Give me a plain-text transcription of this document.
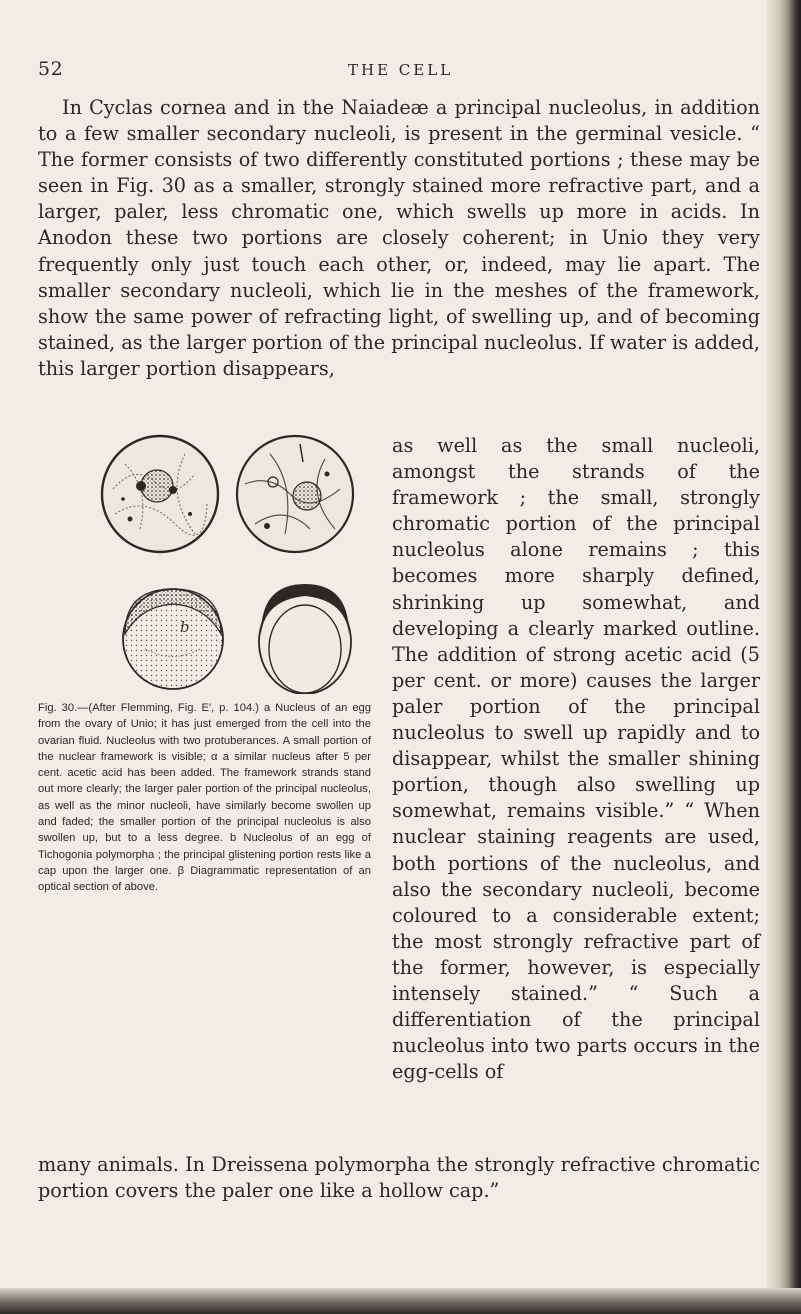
52	THE CELL

In Cyclas cornea and in the Naiadeæ a principal nucleolus, in addition to a few smaller secondary nucleoli, is present in the germinal vesicle. “ The former consists of two differently constituted portions ; these may be seen in Fig. 30 as a smaller, strongly stained more refractive part, and a larger, paler, less chromatic one, which swells up more in acids. In Anodon these two portions are closely coherent; in Unio they very frequently only just touch each other, or, indeed, may lie apart. The smaller secondary nucleoli, which lie in the meshes of the framework, show the same power of refracting light, of swelling up, and of becoming stained, as the larger portion of the principal nucleolus. If water is added, this larger portion disappears,

Fig. 30.—(After Flemming, Fig. E′, p. 104.) a Nucleus of an egg from the ovary of Unio; it has just emerged from the cell into the ovarian fluid. Nucleolus with two protuberances. A small portion of the nuclear framework is visible; α a similar nucleus after 5 per cent. acetic acid has been added. The framework strands stand out more clearly; the larger paler portion of the principal nucleolus, as well as the minor nucleoli, have similarly become swollen up and faded; the smaller portion of the principal nucleolus is also swollen up, but to a less degree. b Nucleolus of an egg of Tichogonia polymorpha ; the principal glistening portion rests like a cap upon the larger one. β Diagrammatic representation of an optical section of above.

as well as the small nucleoli, amongst the strands of the framework ; the small, strongly chromatic portion of the principal nucleolus alone remains ; this becomes more sharply defined, shrinking up somewhat, and developing a clearly marked outline. The addition of strong acetic acid (5 per cent. or more) causes the larger paler portion of the principal nucleolus to swell up rapidly and to disappear, whilst the smaller shining portion, though also swelling up somewhat, remains visible.” “ When nuclear staining reagents are used, both portions of the nucleolus, and also the secondary nucleoli, become coloured to a considerable extent; the most strongly refractive part of the former, however, is especially intensely stained.” “ Such a differentiation of the principal nucleolus into two parts occurs in the egg-cells of

many animals. In Dreissena polymorpha the strongly refractive chromatic portion covers the paler one like a hollow cap.”
